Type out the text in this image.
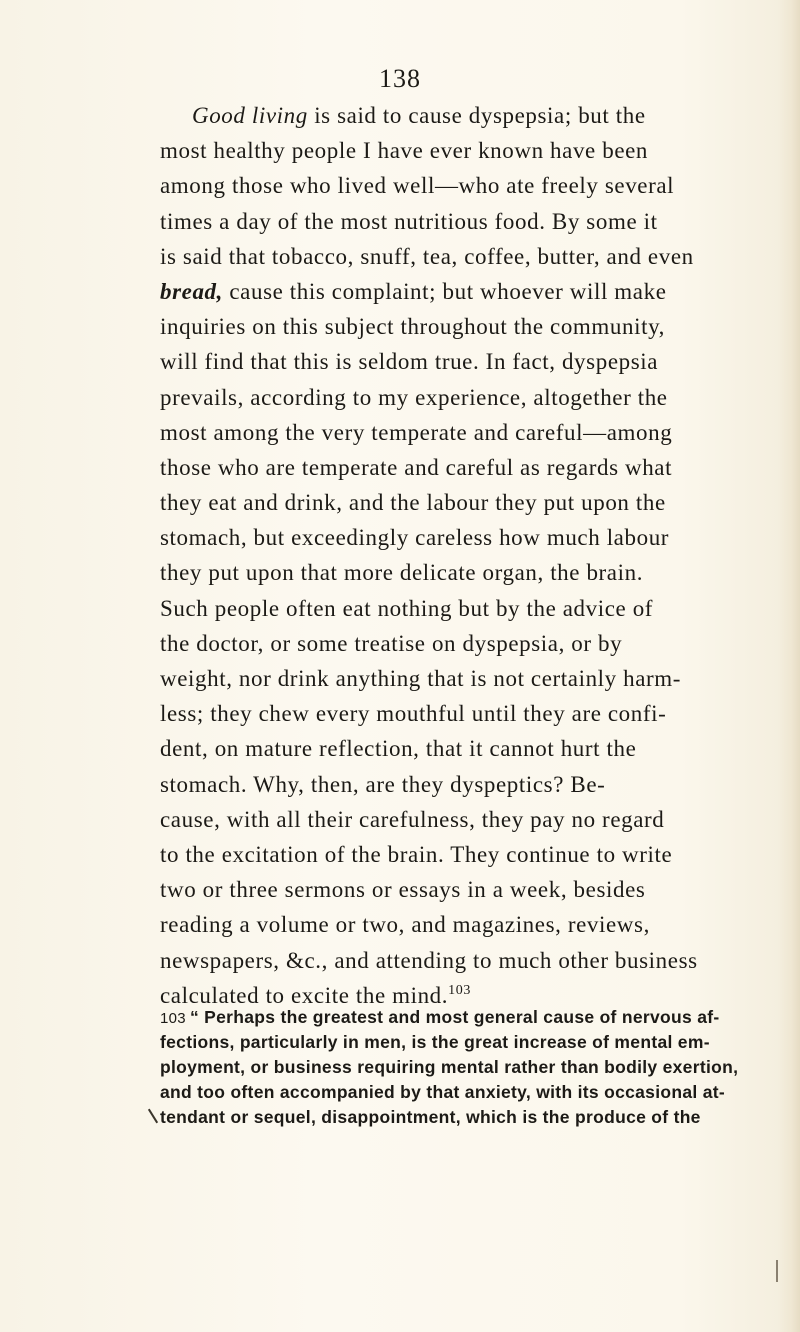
138
Good living is said to cause dyspepsia; but the
most healthy people I have ever known have been
among those who lived well—who ate freely several
times a day of the most nutritious food. By some it
is said that tobacco, snuff, tea, coffee, butter, and even
bread, cause this complaint; but whoever will make
inquiries on this subject throughout the community,
will find that this is seldom true. In fact, dyspepsia
prevails, according to my experience, altogether the
most among the very temperate and careful—among
those who are temperate and careful as regards what
they eat and drink, and the labour they put upon the
stomach, but exceedingly careless how much labour
they put upon that more delicate organ, the brain.
Such people often eat nothing but by the advice of
the doctor, or some treatise on dyspepsia, or by
weight, nor drink anything that is not certainly harm-
less; they chew every mouthful until they are confi-
dent, on mature reflection, that it cannot hurt the
stomach. Why, then, are they dyspeptics? Be-
cause, with all their carefulness, they pay no regard
to the excitation of the brain. They continue to write
two or three sermons or essays in a week, besides
reading a volume or two, and magazines, reviews,
newspapers, &c., and attending to much other business
calculated to excite the mind.$^{103}$
103 “ Perhaps the greatest and most general cause of nervous af-
fections, particularly in men, is the great increase of mental em-
ployment, or business requiring mental rather than bodily exertion,
and too often accompanied by that anxiety, with its occasional at-
tendant or sequel, disappointment, which is the produce of the
